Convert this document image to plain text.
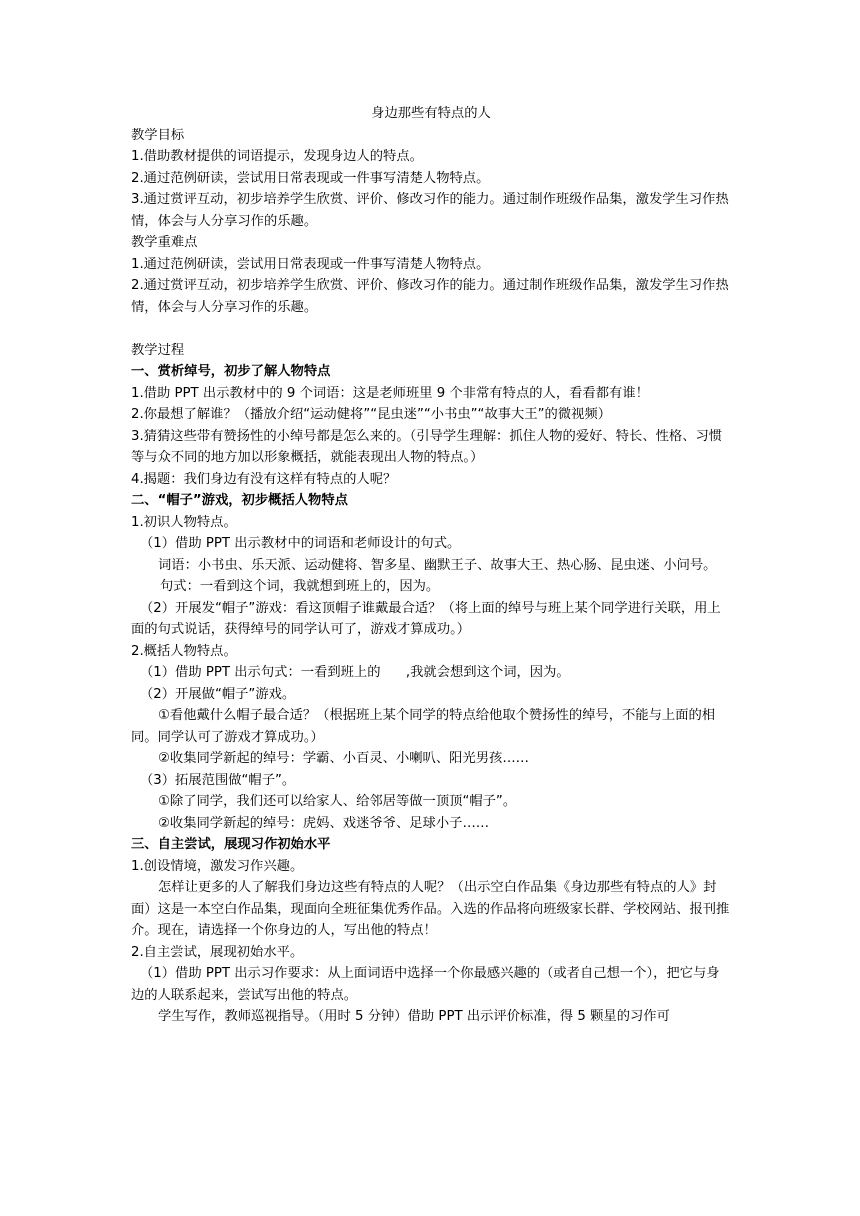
身边那些有特点的人

教学目标

1.借助教材提供的词语提示，发现身边人的特点。

2.通过范例研读，尝试用日常表现或一件事写清楚人物特点。

3.通过赏评互动，初步培养学生欣赏、评价、修改习作的能力。通过制作班级作品集，激发学生习作热情，体会与人分享习作的乐趣。

教学重难点

1.通过范例研读，尝试用日常表现或一件事写清楚人物特点。

2.通过赏评互动，初步培养学生欣赏、评价、修改习作的能力。通过制作班级作品集，激发学生习作热情，体会与人分享习作的乐趣。

教学过程

一、赏析绰号，初步了解人物特点

1.借助 PPT 出示教材中的 9 个词语：这是老师班里 9 个非常有特点的人，看看都有谁！

2.你最想了解谁？（播放介绍“运动健将”“昆虫迷”“小书虫”“故事大王”的微视频）

3.猜猜这些带有赞扬性的小绰号都是怎么来的。（引导学生理解：抓住人物的爱好、特长、性格、习惯等与众不同的地方加以形象概括，就能表现出人物的特点。）

4.揭题：我们身边有没有这样有特点的人呢？

二、“帽子”游戏，初步概括人物特点

1.初识人物特点。

（1）借助 PPT 出示教材中的词语和老师设计的句式。

词语：小书虫、乐天派、运动健将、智多星、幽默王子、故事大王、热心肠、昆虫迷、小问号。

句式：一看到这个词，我就想到班上的，因为。

（2）开展发“帽子”游戏：看这顶帽子谁戴最合适？（将上面的绰号与班上某个同学进行关联，用上面的句式说话，获得绰号的同学认可了，游戏才算成功。）

2.概括人物特点。

（1）借助 PPT 出示句式：一看到班上的      ,我就会想到这个词，因为。

（2）开展做“帽子”游戏。

①看他戴什么帽子最合适？（根据班上某个同学的特点给他取个赞扬性的绰号，不能与上面的相同。同学认可了游戏才算成功。）

②收集同学新起的绰号：学霸、小百灵、小喇叭、阳光男孩……

（3）拓展范围做“帽子”。

①除了同学，我们还可以给家人、给邻居等做一顶顶“帽子”。

②收集同学新起的绰号：虎妈、戏迷爷爷、足球小子……

三、自主尝试，展现习作初始水平

1.创设情境，激发习作兴趣。

怎样让更多的人了解我们身边这些有特点的人呢？（出示空白作品集《身边那些有特点的人》封面）这是一本空白作品集，现面向全班征集优秀作品。入选的作品将向班级家长群、学校网站、报刊推介。现在，请选择一个你身边的人，写出他的特点！

2.自主尝试，展现初始水平。

（1）借助 PPT 出示习作要求：从上面词语中选择一个你最感兴趣的（或者自己想一个），把它与身边的人联系起来，尝试写出他的特点。

学生写作，教师巡视指导。（用时 5 分钟）借助 PPT 出示评价标准，得 5 颗星的习作可
